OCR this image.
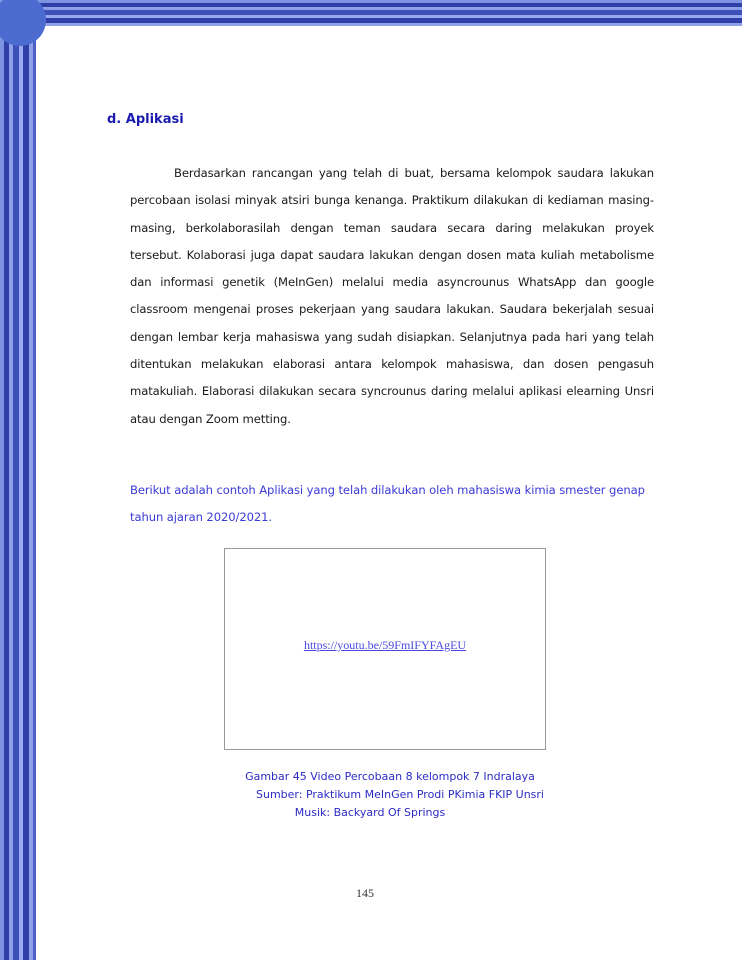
d. Aplikasi

Berdasarkan rancangan yang telah di buat, bersama kelompok saudara lakukan percobaan isolasi minyak atsiri bunga kenanga. Praktikum dilakukan di kediaman masing-masing, berkolaborasilah dengan teman saudara secara daring melakukan proyek tersebut. Kolaborasi juga dapat saudara lakukan dengan dosen mata kuliah metabolisme dan informasi genetik (MeInGen) melalui media asyncrounus WhatsApp dan google classroom mengenai proses pekerjaan yang saudara lakukan. Saudara bekerjalah sesuai dengan lembar kerja mahasiswa yang sudah disiapkan. Selanjutnya pada hari yang telah ditentukan melakukan elaborasi antara kelompok mahasiswa, dan dosen pengasuh matakuliah. Elaborasi dilakukan secara syncrounus daring melalui aplikasi elearning Unsri atau dengan Zoom metting.

Berikut adalah contoh Aplikasi yang telah dilakukan oleh mahasiswa kimia smester genap tahun ajaran 2020/2021.

https://youtu.be/59FmIFYFAgEU

Gambar 45 Video Percobaan 8 kelompok 7 Indralaya

Sumber: Praktikum MeInGen Prodi PKimia FKIP Unsri

Musik: Backyard Of Springs

145
